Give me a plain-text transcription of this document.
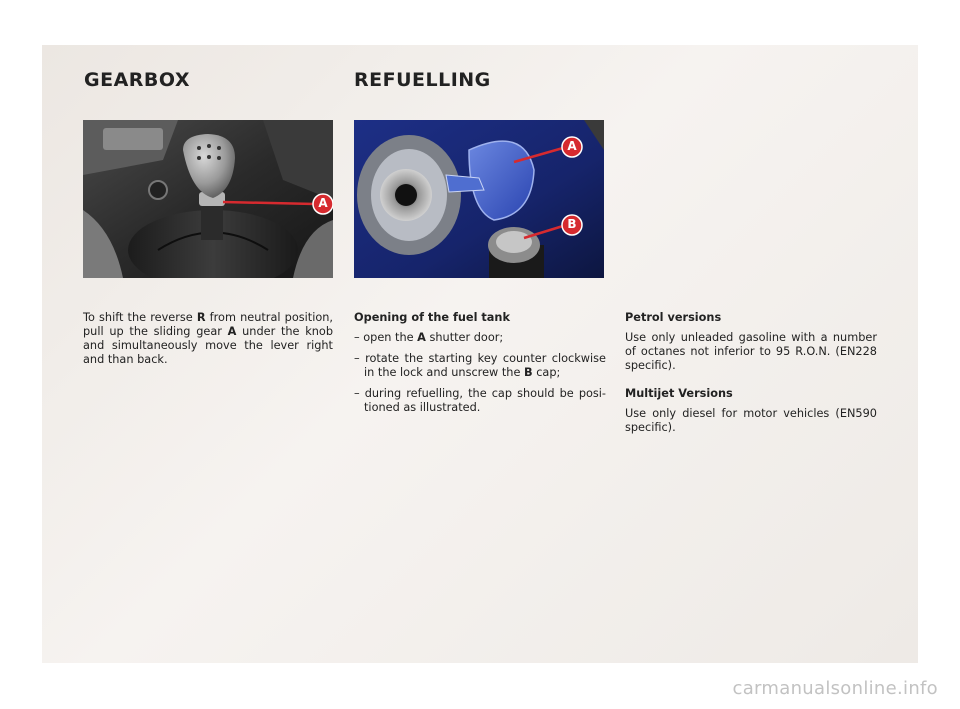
GEARBOX	REFUELLING
A
A
B

To shift the reverse R from neutral position, pull up the sliding gear A under the knob and simultaneously move the lever right and than back.

Opening of the fuel tank

– open the A shutter door;

– rotate the starting key counter clockwise in the lock and unscrew the B cap;

– during refuelling, the cap should be posi-tioned as illustrated.

Petrol versions

Use only unleaded gasoline with a number of octanes not inferior to 95 R.O.N. (EN228 specific).

Multijet Versions

Use only diesel for motor vehicles (EN590 specific).

carmanualsonline.info
